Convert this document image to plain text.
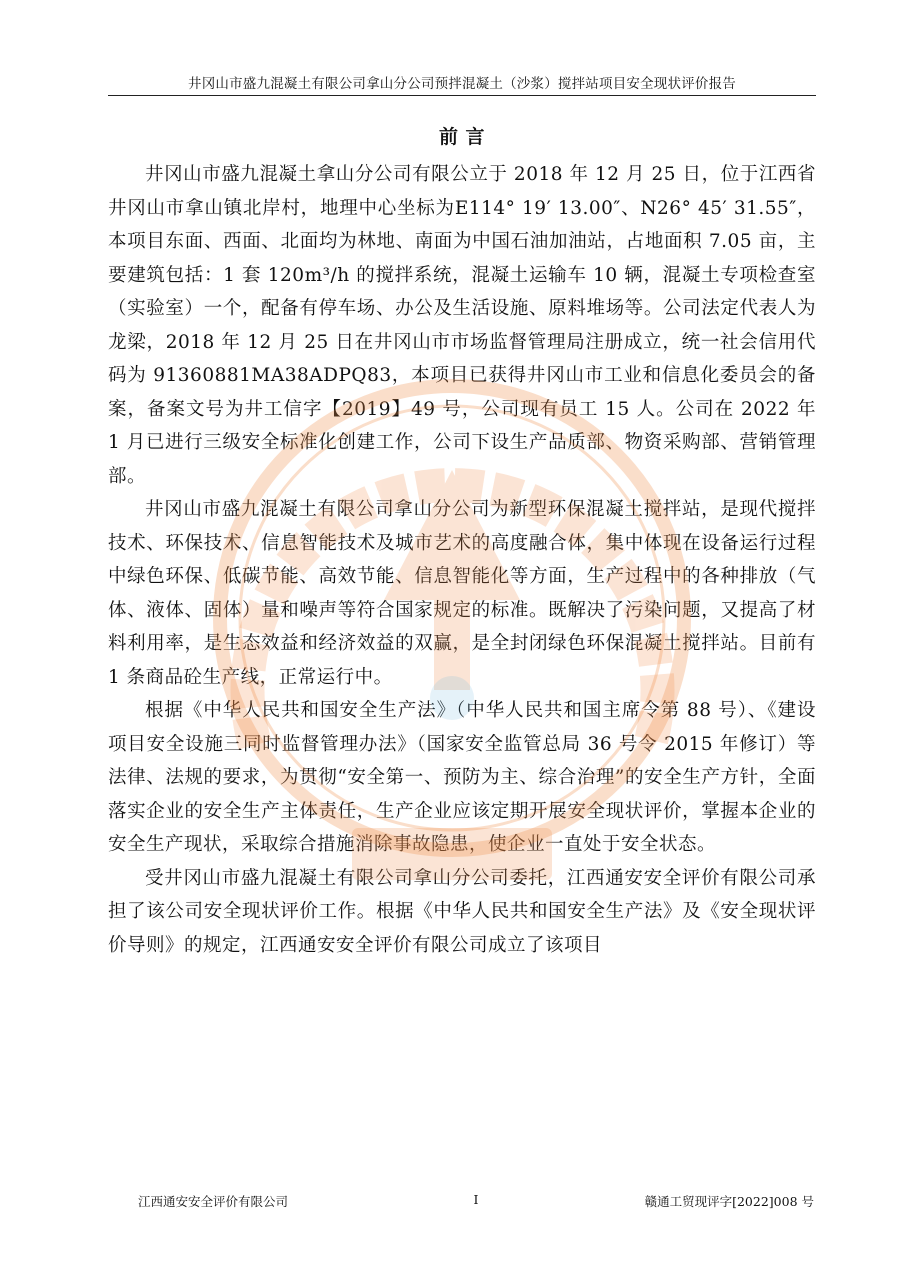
井冈山市盛九混凝土有限公司拿山分公司预拌混凝土（沙浆）搅拌站项目安全现状评价报告
前 言

井冈山市盛九混凝土拿山分公司有限公立于 2018 年 12 月 25 日，位于江西省井冈山市拿山镇北岸村，地理中心坐标为E114° 19′ 13.00″、N26° 45′ 31.55″，本项目东面、西面、北面均为林地、南面为中国石油加油站，占地面积 7.05 亩，主要建筑包括：1 套 120m³/h 的搅拌系统，混凝土运输车 10 辆，混凝土专项检查室（实验室）一个，配备有停车场、办公及生活设施、原料堆场等。公司法定代表人为龙梁，2018 年 12 月 25 日在井冈山市市场监督管理局注册成立，统一社会信用代码为 91360881MA38ADPQ83，本项目已获得井冈山市工业和信息化委员会的备案，备案文号为井工信字【2019】49 号，公司现有员工 15 人。公司在 2022 年 1 月已进行三级安全标准化创建工作，公司下设生产品质部、物资采购部、营销管理部。

井冈山市盛九混凝土有限公司拿山分公司为新型环保混凝土搅拌站，是现代搅拌技术、环保技术、信息智能技术及城市艺术的高度融合体，集中体现在设备运行过程中绿色环保、低碳节能、高效节能、信息智能化等方面，生产过程中的各种排放（气体、液体、固体）量和噪声等符合国家规定的标准。既解决了污染问题，又提高了材料利用率，是生态效益和经济效益的双赢，是全封闭绿色环保混凝土搅拌站。目前有 1 条商品砼生产线，正常运行中。

根据《中华人民共和国安全生产法》（中华人民共和国主席令第 88 号）、《建设项目安全设施三同时监督管理办法》（国家安全监管总局 36 号令 2015 年修订）等法律、法规的要求，为贯彻“安全第一、预防为主、综合治理”的安全生产方针，全面落实企业的安全生产主体责任，生产企业应该定期开展安全现状评价，掌握本企业的安全生产现状，采取综合措施消除事故隐患，使企业一直处于安全状态。

受井冈山市盛九混凝土有限公司拿山分公司委托，江西通安安全评价有限公司承担了该公司安全现状评价工作。根据《中华人民共和国安全生产法》及《安全现状评价导则》的规定，江西通安安全评价有限公司成立了该项目

I
江西通安安全评价有限公司	赣通工贸现评字[2022]008 号
